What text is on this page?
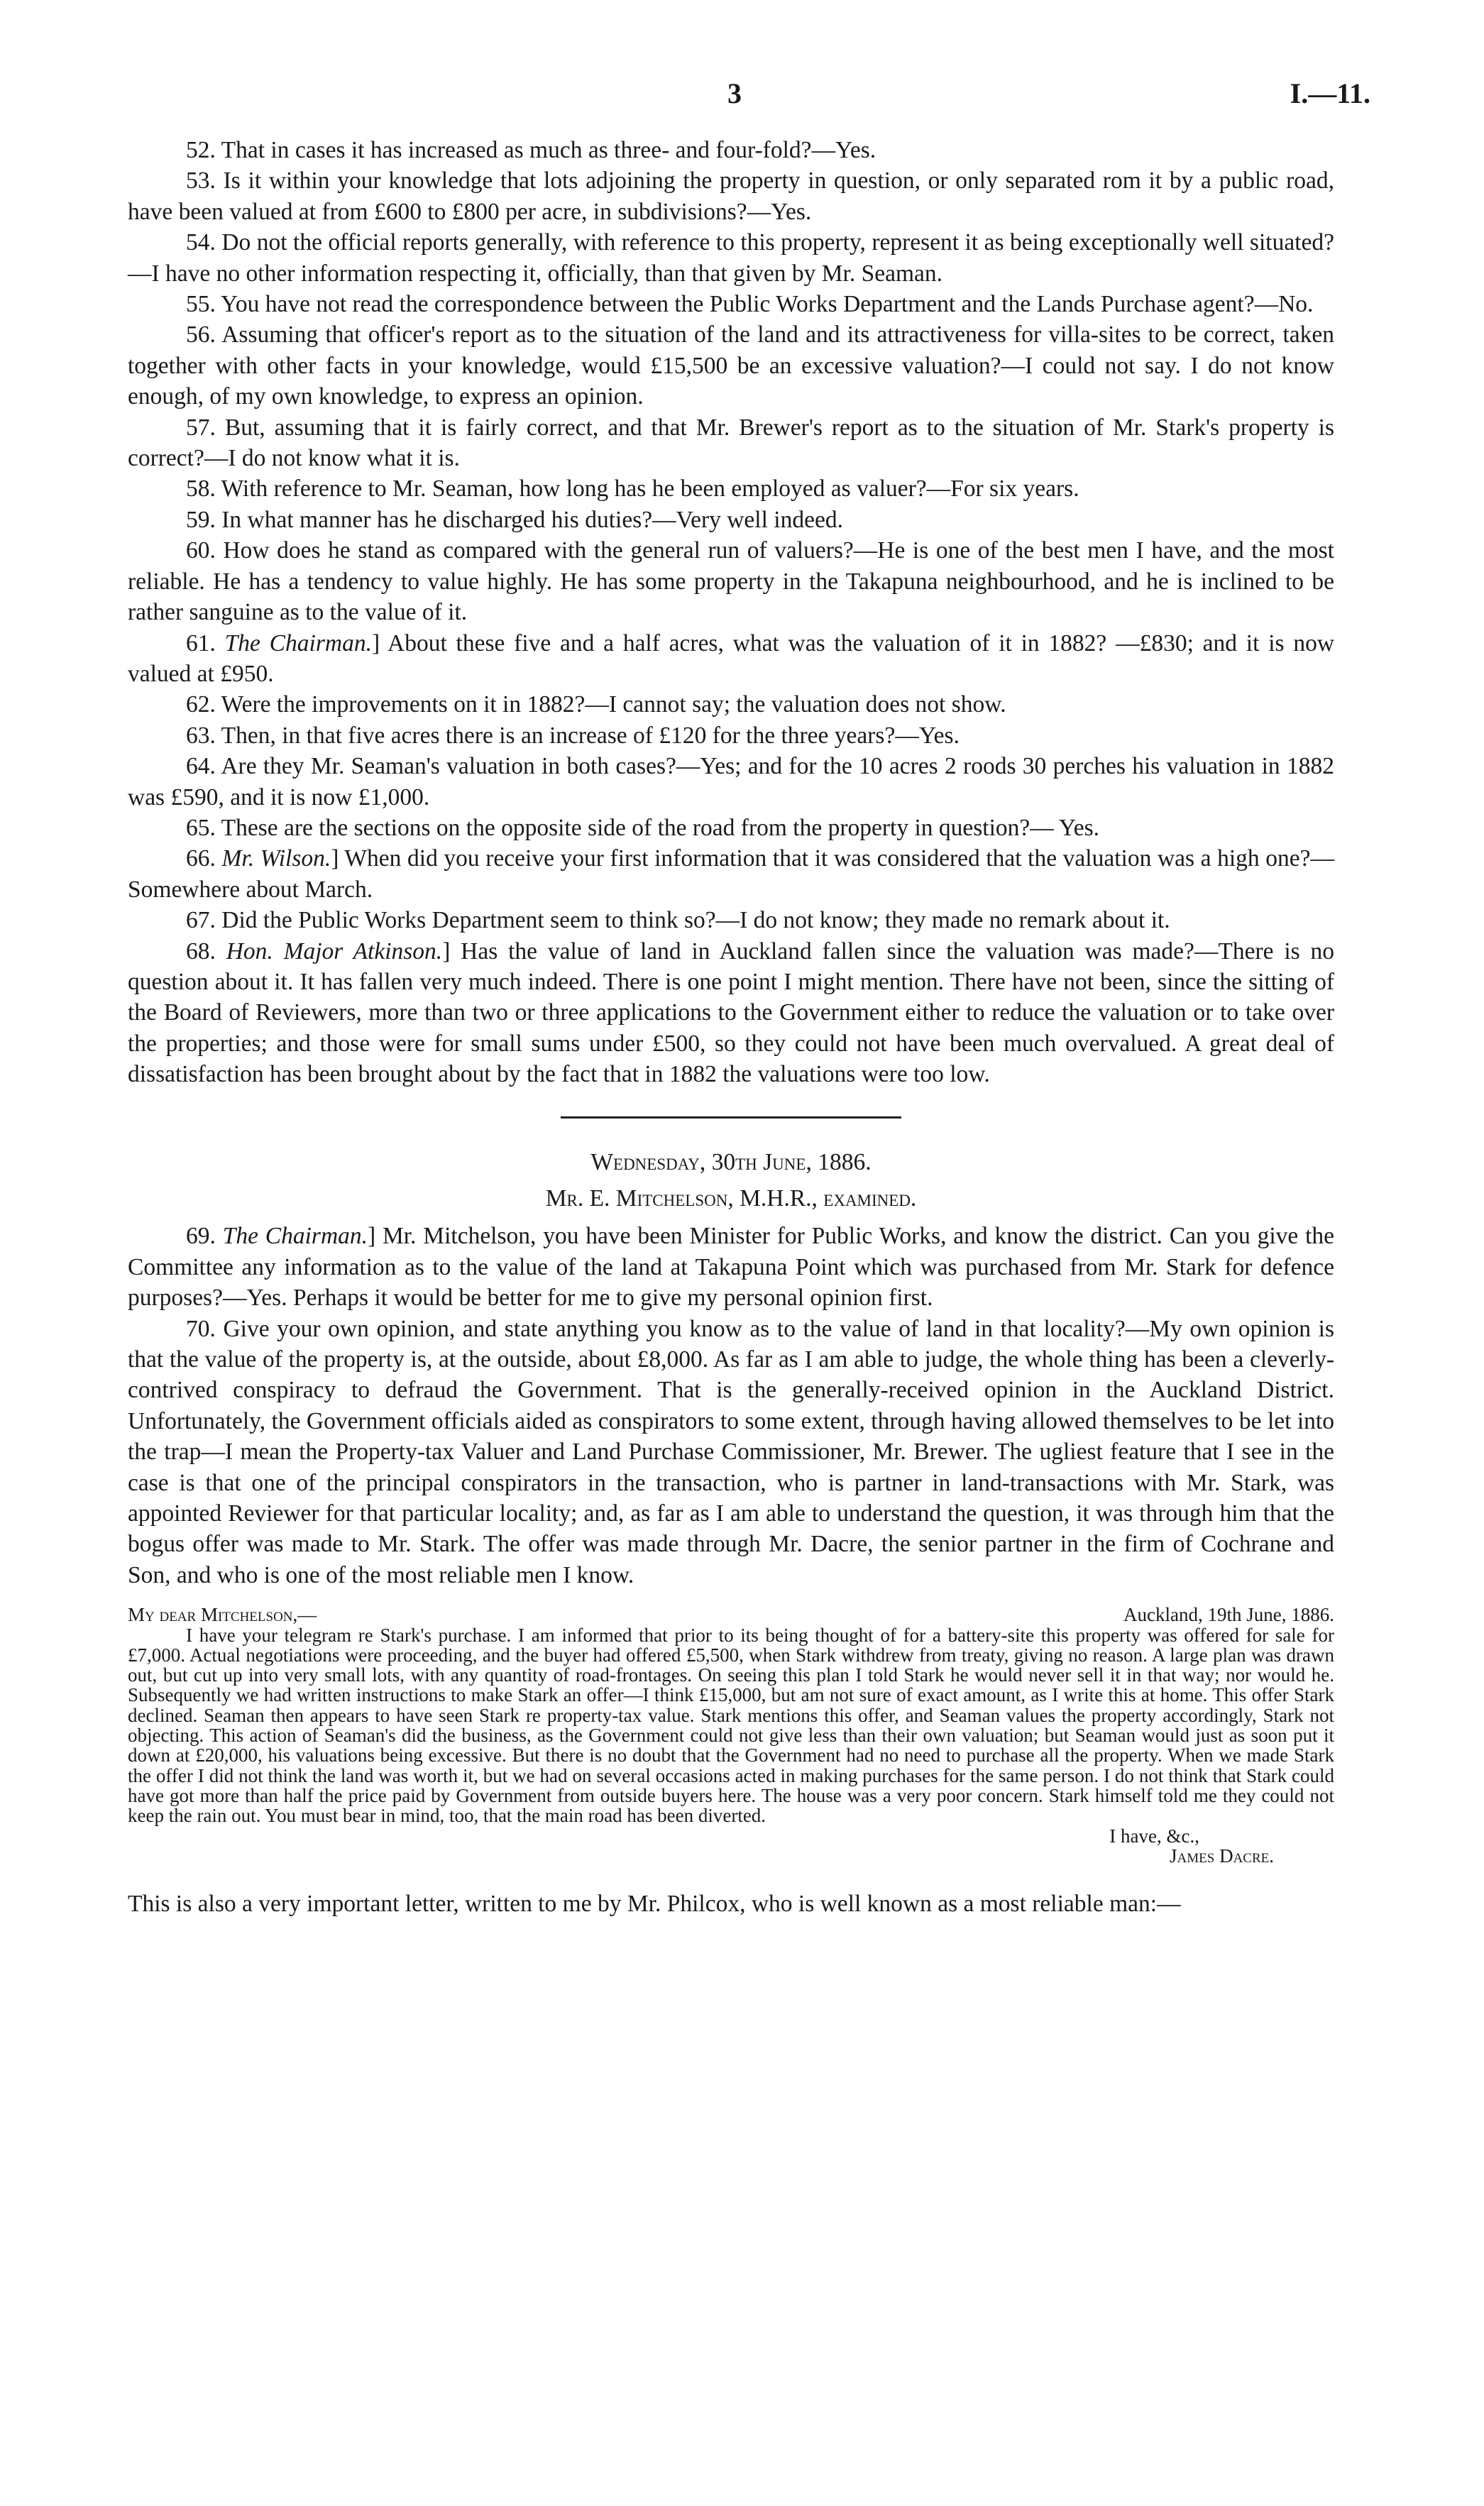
3	I.—11.

52. That in cases it has increased as much as three- and four-fold?—Yes.

53. Is it within your knowledge that lots adjoining the property in question, or only separated rom it by a public road, have been valued at from £600 to £800 per acre, in subdivisions?—Yes.

54. Do not the official reports generally, with reference to this property, represent it as being exceptionally well situated?—I have no other information respecting it, officially, than that given by Mr. Seaman.

55. You have not read the correspondence between the Public Works Department and the Lands Purchase agent?—No.

56. Assuming that officer's report as to the situation of the land and its attractiveness for villa-sites to be correct, taken together with other facts in your knowledge, would £15,500 be an excessive valuation?—I could not say. I do not know enough, of my own knowledge, to express an opinion.

57. But, assuming that it is fairly correct, and that Mr. Brewer's report as to the situation of Mr. Stark's property is correct?—I do not know what it is.

58. With reference to Mr. Seaman, how long has he been employed as valuer?—For six years.

59. In what manner has he discharged his duties?—Very well indeed.

60. How does he stand as compared with the general run of valuers?—He is one of the best men I have, and the most reliable. He has a tendency to value highly. He has some property in the Takapuna neighbourhood, and he is inclined to be rather sanguine as to the value of it.

61. The Chairman.] About these five and a half acres, what was the valuation of it in 1882? —£830; and it is now valued at £950.

62. Were the improvements on it in 1882?—I cannot say; the valuation does not show.

63. Then, in that five acres there is an increase of £120 for the three years?—Yes.

64. Are they Mr. Seaman's valuation in both cases?—Yes; and for the 10 acres 2 roods 30 perches his valuation in 1882 was £590, and it is now £1,000.

65. These are the sections on the opposite side of the road from the property in question?— Yes.

66. Mr. Wilson.] When did you receive your first information that it was considered that the valuation was a high one?—Somewhere about March.

67. Did the Public Works Department seem to think so?—I do not know; they made no remark about it.

68. Hon. Major Atkinson.] Has the value of land in Auckland fallen since the valuation was made?—There is no question about it. It has fallen very much indeed. There is one point I might mention. There have not been, since the sitting of the Board of Reviewers, more than two or three applications to the Government either to reduce the valuation or to take over the properties; and those were for small sums under £500, so they could not have been much overvalued. A great deal of dissatisfaction has been brought about by the fact that in 1882 the valuations were too low.

Wednesday, 30th June, 1886.

Mr. E. Mitchelson, M.H.R., examined.

69. The Chairman.] Mr. Mitchelson, you have been Minister for Public Works, and know the district. Can you give the Committee any information as to the value of the land at Takapuna Point which was purchased from Mr. Stark for defence purposes?—Yes. Perhaps it would be better for me to give my personal opinion first.

70. Give your own opinion, and state anything you know as to the value of land in that locality?—My own opinion is that the value of the property is, at the outside, about £8,000. As far as I am able to judge, the whole thing has been a cleverly-contrived conspiracy to defraud the Government. That is the generally-received opinion in the Auckland District. Unfortunately, the Government officials aided as conspirators to some extent, through having allowed themselves to be let into the trap—I mean the Property-tax Valuer and Land Purchase Commissioner, Mr. Brewer. The ugliest feature that I see in the case is that one of the principal conspirators in the transaction, who is partner in land-transactions with Mr. Stark, was appointed Reviewer for that particular locality; and, as far as I am able to understand the question, it was through him that the bogus offer was made to Mr. Stark. The offer was made through Mr. Dacre, the senior partner in the firm of Cochrane and Son, and who is one of the most reliable men I know.

My dear Mitchelson,—	Auckland, 19th June, 1886.
I have your telegram re Stark's purchase. I am informed that prior to its being thought of for a battery-site this property was offered for sale for £7,000. Actual negotiations were proceeding, and the buyer had offered £5,500, when Stark withdrew from treaty, giving no reason. A large plan was drawn out, but cut up into very small lots, with any quantity of road-frontages. On seeing this plan I told Stark he would never sell it in that way; nor would he. Subsequently we had written instructions to make Stark an offer—I think £15,000, but am not sure of exact amount, as I write this at home. This offer Stark declined. Seaman then appears to have seen Stark re property-tax value. Stark mentions this offer, and Seaman values the property accordingly, Stark not objecting. This action of Seaman's did the business, as the Government could not give less than their own valuation; but Seaman would just as soon put it down at £20,000, his valuations being excessive. But there is no doubt that the Government had no need to purchase all the property. When we made Stark the offer I did not think the land was worth it, but we had on several occasions acted in making purchases for the same person. I do not think that Stark could have got more than half the price paid by Government from outside buyers here. The house was a very poor concern. Stark himself told me they could not keep the rain out. You must bear in mind, too, that the main road has been diverted.
I have, &c.,
James Dacre.

This is also a very important letter, written to me by Mr. Philcox, who is well known as a most reliable man:—
